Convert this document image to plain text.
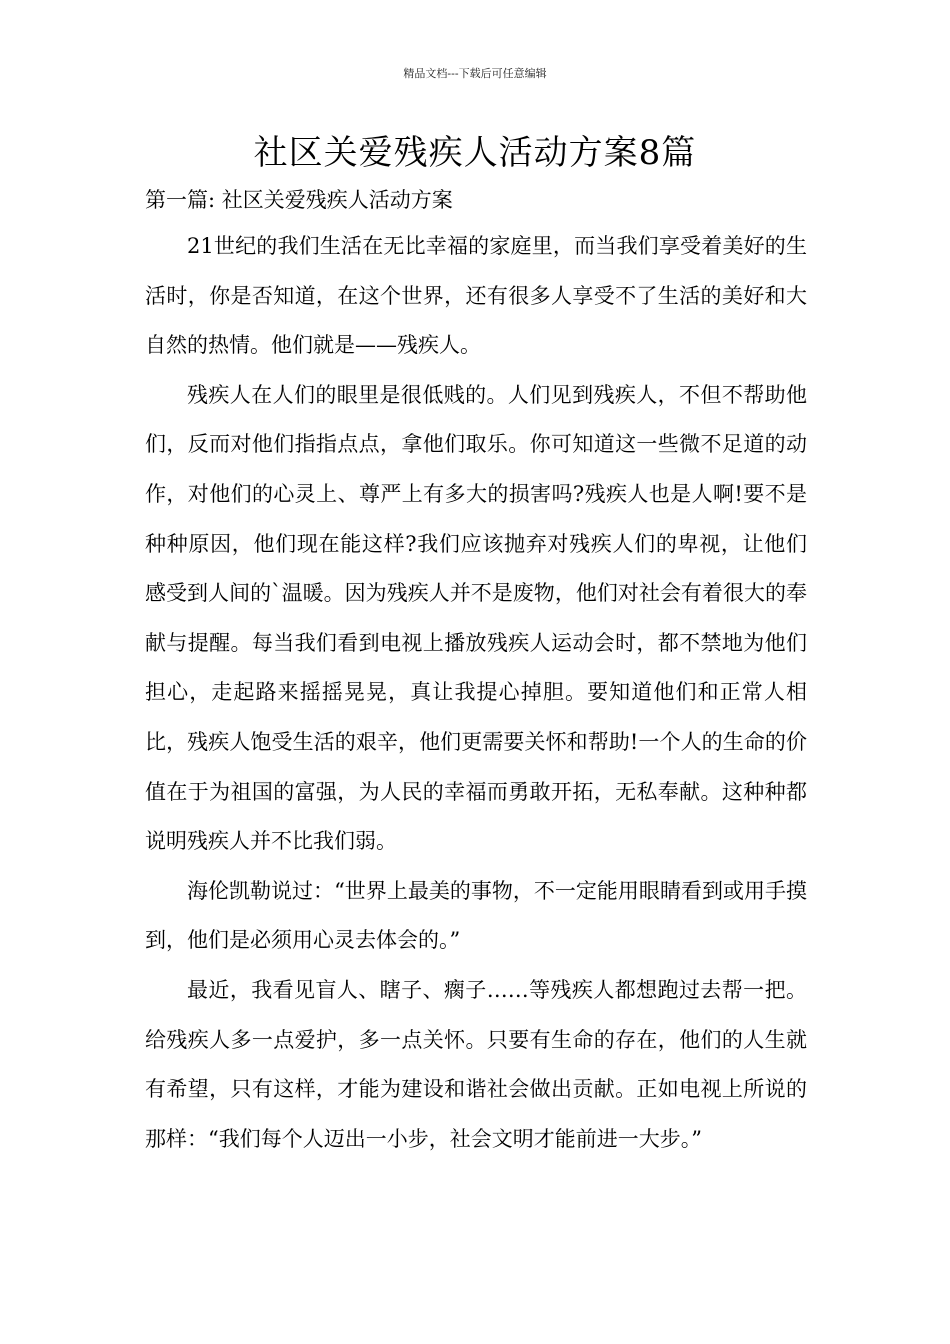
精品文档---下载后可任意编辑
社区关爱残疾人活动方案8篇
第一篇: 社区关爱残疾人活动方案

21世纪的我们生活在无比幸福的家庭里，而当我们享受着美好的生活时，你是否知道，在这个世界，还有很多人享受不了生活的美好和大自然的热情。他们就是——残疾人。

残疾人在人们的眼里是很低贱的。人们见到残疾人，不但不帮助他们，反而对他们指指点点，拿他们取乐。你可知道这一些微不足道的动作，对他们的心灵上、尊严上有多大的损害吗?残疾人也是人啊!要不是种种原因，他们现在能这样?我们应该抛弃对残疾人们的卑视，让他们感受到人间的`温暖。因为残疾人并不是废物，他们对社会有着很大的奉献与提醒。每当我们看到电视上播放残疾人运动会时，都不禁地为他们担心，走起路来摇摇晃晃，真让我提心掉胆。要知道他们和正常人相比，残疾人饱受生活的艰辛，他们更需要关怀和帮助!一个人的生命的价值在于为祖国的富强，为人民的幸福而勇敢开拓，无私奉献。这种种都说明残疾人并不比我们弱。

海伦凯勒说过：“世界上最美的事物，不一定能用眼睛看到或用手摸到，他们是必须用心灵去体会的。”

最近，我看见盲人、瞎子、瘸子……等残疾人都想跑过去帮一把。给残疾人多一点爱护，多一点关怀。只要有生命的存在，他们的人生就有希望，只有这样，才能为建设和谐社会做出贡献。正如电视上所说的那样：“我们每个人迈出一小步，社会文明才能前进一大步。”
